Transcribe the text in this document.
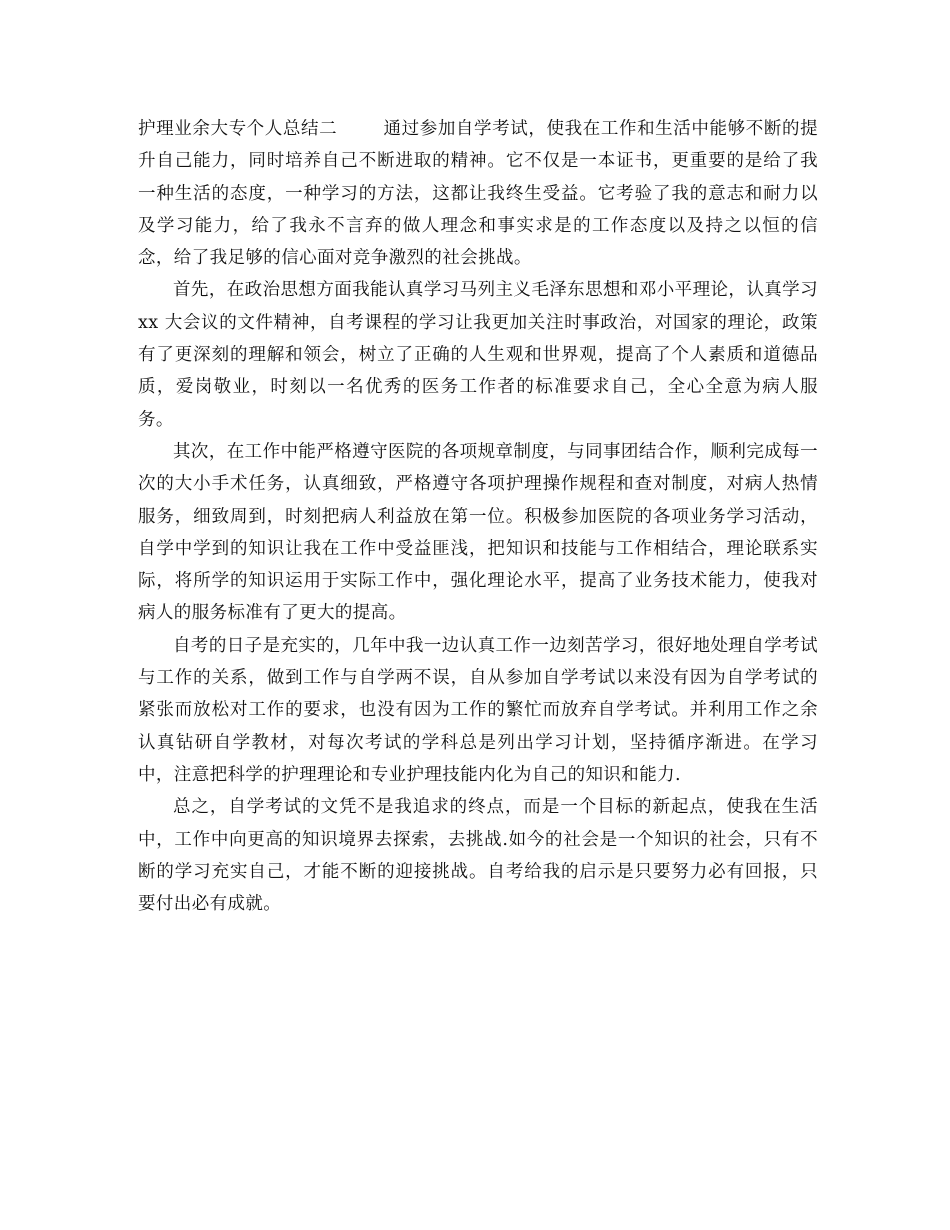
护理业余大专个人总结二	通过参加自学考试，使我在工作和生活中能够不断的提升自己能力，同时培养自己不断进取的精神。它不仅是一本证书，更重要的是给了我一种生活的态度，一种学习的方法，这都让我终生受益。它考验了我的意志和耐力以及学习能力，给了我永不言弃的做人理念和事实求是的工作态度以及持之以恒的信念，给了我足够的信心面对竞争激烈的社会挑战。

首先，在政治思想方面我能认真学习马列主义毛泽东思想和邓小平理论，认真学习 xx 大会议的文件精神，自考课程的学习让我更加关注时事政治，对国家的理论，政策有了更深刻的理解和领会，树立了正确的人生观和世界观，提高了个人素质和道德品质，爱岗敬业，时刻以一名优秀的医务工作者的标准要求自己，全心全意为病人服务。

其次，在工作中能严格遵守医院的各项规章制度，与同事团结合作，顺利完成每一次的大小手术任务，认真细致，严格遵守各项护理操作规程和查对制度，对病人热情服务，细致周到，时刻把病人利益放在第一位。积极参加医院的各项业务学习活动，自学中学到的知识让我在工作中受益匪浅，把知识和技能与工作相结合，理论联系实际，将所学的知识运用于实际工作中，强化理论水平，提高了业务技术能力，使我对病人的服务标准有了更大的提高。

自考的日子是充实的，几年中我一边认真工作一边刻苦学习，很好地处理自学考试与工作的关系，做到工作与自学两不误，自从参加自学考试以来没有因为自学考试的紧张而放松对工作的要求，也没有因为工作的繁忙而放弃自学考试。并利用工作之余认真钻研自学教材，对每次考试的学科总是列出学习计划，坚持循序渐进。在学习中，注意把科学的护理理论和专业护理技能内化为自己的知识和能力.

总之，自学考试的文凭不是我追求的终点，而是一个目标的新起点，使我在生活中，工作中向更高的知识境界去探索，去挑战.如今的社会是一个知识的社会，只有不断的学习充实自己，才能不断的迎接挑战。自考给我的启示是只要努力必有回报，只要付出必有成就。
